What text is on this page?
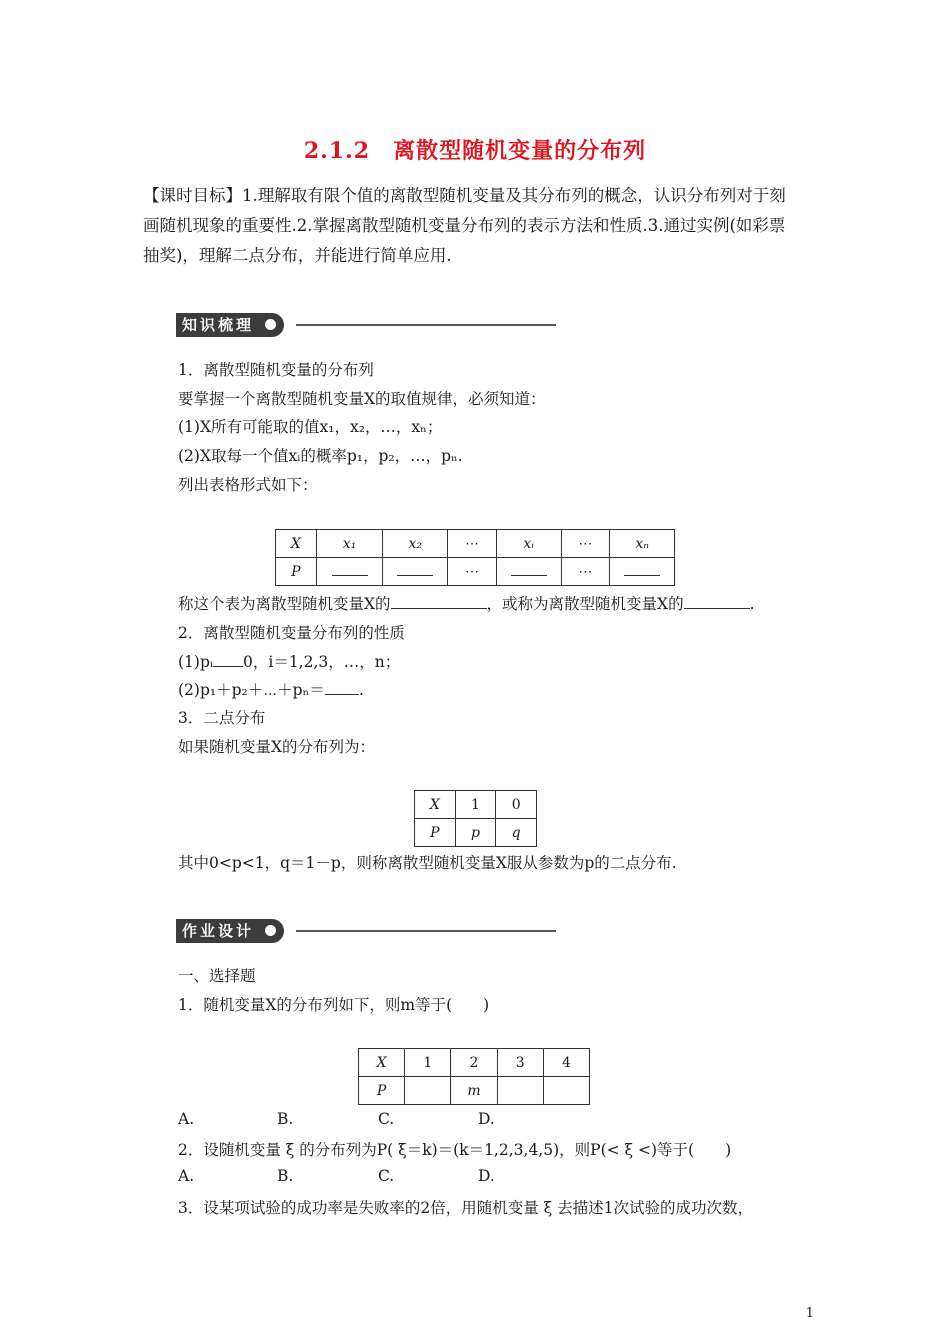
2.1.2　离散型随机变量的分布列
【课时目标】1.理解取有限个值的离散型随机变量及其分布列的概念，认识分布列对于刻
画随机现象的重要性.2.掌握离散型随机变量分布列的表示方法和性质.3.通过实例(如彩票
抽奖)，理解二点分布，并能进行简单应用.
知识梳理
1．离散型随机变量的分布列
要掌握一个离散型随机变量X的取值规律，必须知道：
(1)X所有可能取的值x₁，x₂，…，xₙ；
(2)X取每一个值xᵢ的概率p₁，p₂，…，pₙ.
列出表格形式如下：
X	x₁	x₂	⋯	xᵢ	⋯	xₙ
P			⋯		⋯	
称这个表为离散型随机变量X的	，或称为离散型随机变量X的	.
2．离散型随机变量分布列的性质
(1)pᵢ 0，i＝1,2,3，…，n；
(2)p₁＋p₂＋⋯＋pₙ＝ .
3．二点分布
如果随机变量X的分布列为：
X	1	0
P	p	q
其中0<p<1，q＝1－p，则称离散型随机变量X服从参数为p的二点分布.
作业设计
一、选择题
1．随机变量X的分布列如下，则m等于(　　)
X	1	2	3	4
P		m		
A.	B.	C.	D.
2．设随机变量 ξ 的分布列为P( ξ＝k)＝(k＝1,2,3,4,5)，则P(< ξ <)等于(　　)
A.	B.	C.	D.
3．设某项试验的成功率是失败率的2倍，用随机变量 ξ 去描述1次试验的成功次数，
1
